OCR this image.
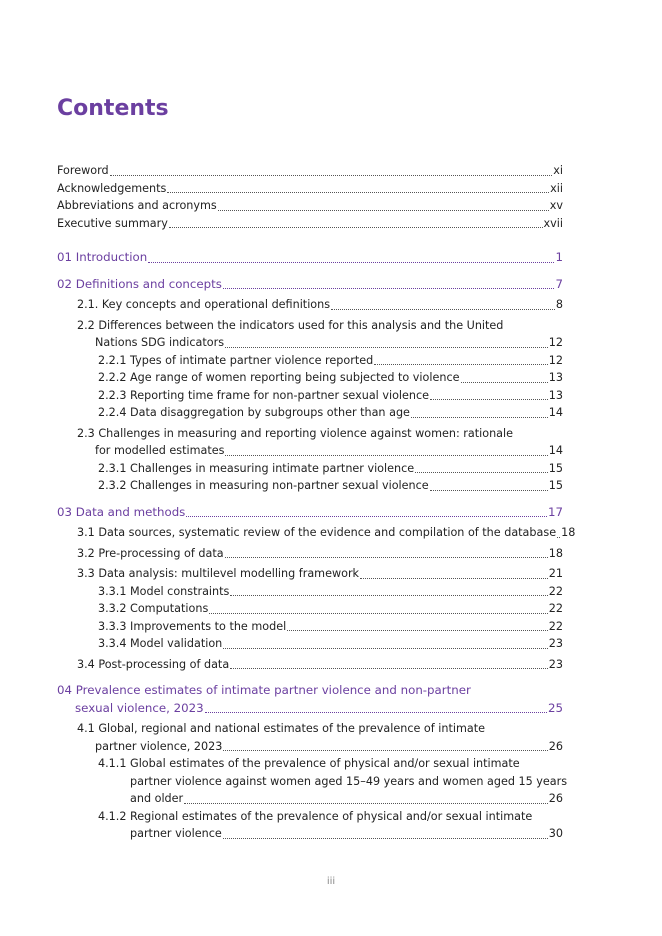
Contents
Foreword	xi
Acknowledgements	xii
Abbreviations and acronyms	xv
Executive summary	xvii
01 Introduction	1
02 Definitions and concepts	7
2.1. Key concepts and operational definitions	8
2.2 Differences between the indicators used for this analysis and the United
Nations SDG indicators	12
2.2.1 Types of intimate partner violence reported	12
2.2.2 Age range of women reporting being subjected to violence	13
2.2.3 Reporting time frame for non-partner sexual violence	13
2.2.4 Data disaggregation by subgroups other than age	14
2.3 Challenges in measuring and reporting violence against women: rationale
for modelled estimates	14
2.3.1 Challenges in measuring intimate partner violence	15
2.3.2 Challenges in measuring non-partner sexual violence	15
03 Data and methods	17
3.1 Data sources, systematic review of the evidence and compilation of the database 18
3.2 Pre-processing of data	18
3.3 Data analysis: multilevel modelling framework	21
3.3.1 Model constraints	22
3.3.2 Computations	22
3.3.3 Improvements to the model	22
3.3.4 Model validation	23
3.4 Post-processing of data	23
04 Prevalence estimates of intimate partner violence and non-partner
sexual violence, 2023	25
4.1 Global, regional and national estimates of the prevalence of intimate
partner violence, 2023	26
4.1.1 Global estimates of the prevalence of physical and/or sexual intimate
partner violence against women aged 15–49 years and women aged 15 years
and older	26
4.1.2 Regional estimates of the prevalence of physical and/or sexual intimate
partner violence	30
iii
